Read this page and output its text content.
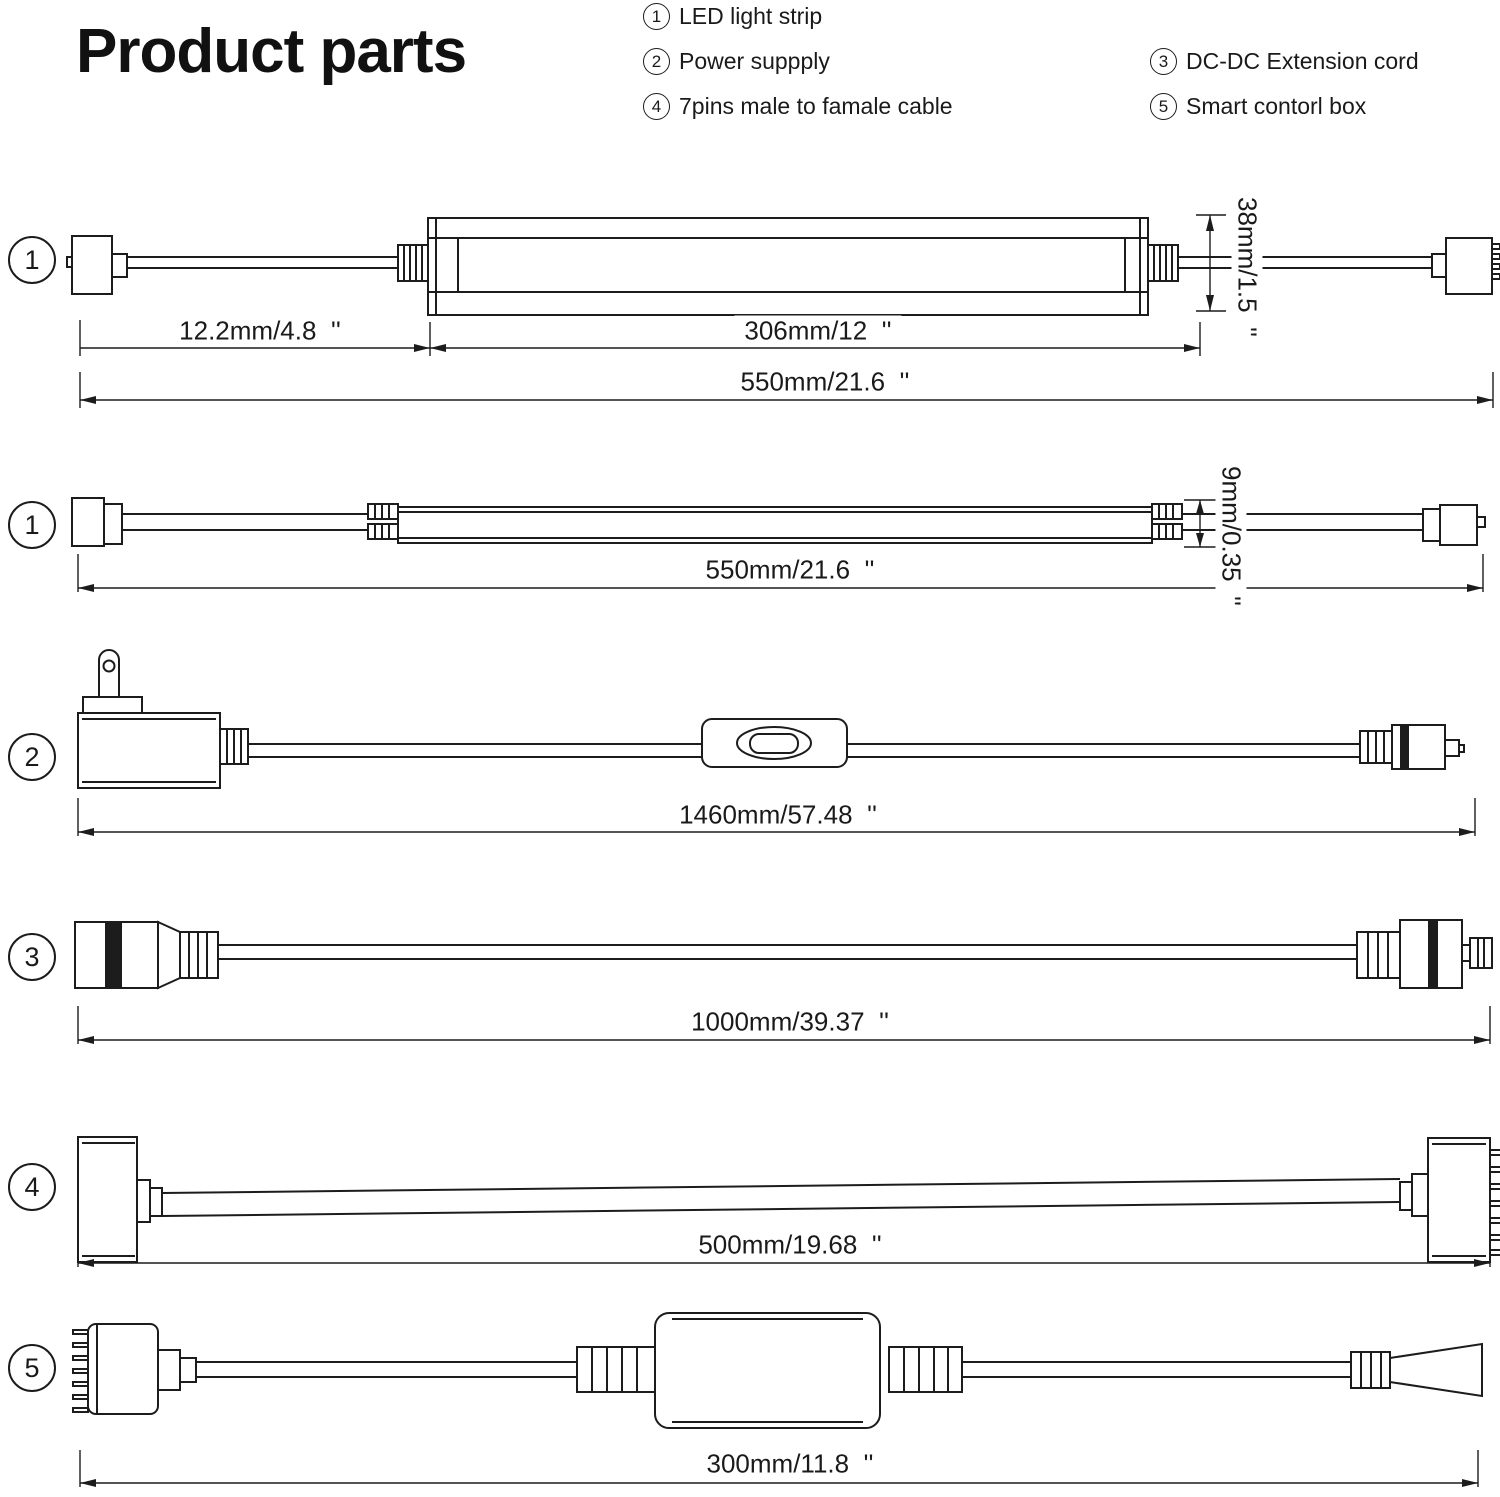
Product parts
1 LED light strip
2 Power suppply	3 DC-DC Extension cord
4 7pins male to famale cable	5 Smart contorl box
1
1
2
3
4
5
12.2mm/4.8  ''	306mm/12  ''
550mm/21.6  ''
38mm/1.5  ''
550mm/21.6  ''	9mm/0.35  ''
1460mm/57.48  ''
1000mm/39.37  ''
500mm/19.68  ''
300mm/11.8  ''
